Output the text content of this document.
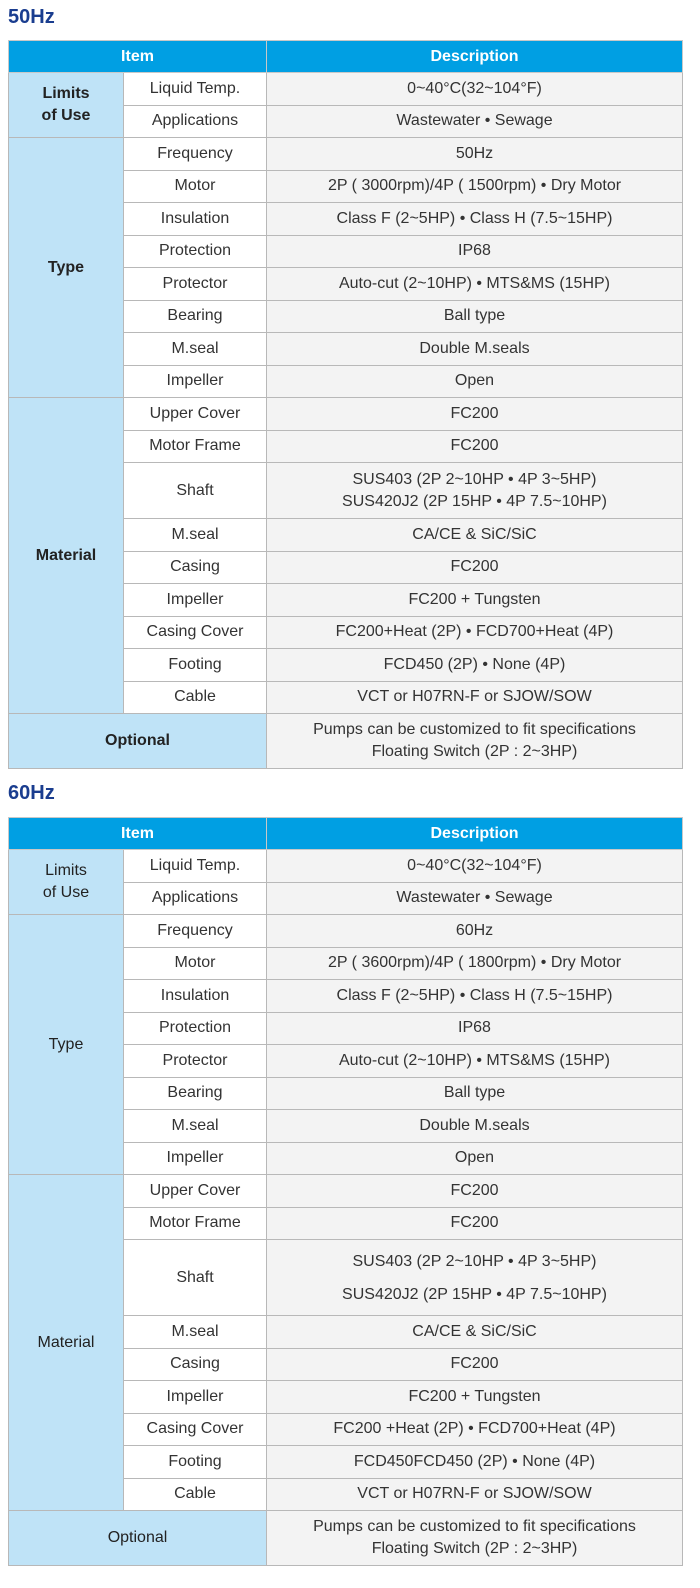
50Hz
Item		Description

Limits
of Use	Liquid Temp.	0~40°C(32~104°F)
	Applications	Wastewater • Sewage
Type	Frequency	50Hz
	Motor	2P ( 3000rpm)/4P ( 1500rpm) • Dry Motor
	Insulation	Class F (2~5HP) • Class H (7.5~15HP)
	Protection	IP68
	Protector	Auto-cut (2~10HP) • MTS&MS (15HP)
	Bearing	Ball type
	M.seal	Double M.seals
	Impeller	Open
Material	Upper Cover	FC200
	Motor Frame	FC200
	Shaft	SUS403 (2P 2~10HP • 4P 3~5HP)
SUS420J2 (2P 15HP • 4P 7.5~10HP)

	M.seal	CA/CE & SiC/SiC
	Casing	FC200
	Impeller	FC200 + Tungsten
	Casing Cover	FC200+Heat (2P) • FCD700+Heat (4P)
	Footing	FCD450 (2P) • None (4P)
	Cable	VCT or H07RN-F or SJOW/SOW
Optional		Pumps can be customized to fit specifications
Floating Switch (2P : 2~3HP)
60Hz
Item		Description

Limits
of Use	Liquid Temp.	0~40°C(32~104°F)
	Applications	Wastewater • Sewage
Type	Frequency	60Hz
	Motor	2P ( 3600rpm)/4P ( 1800rpm) • Dry Motor
	Insulation	Class F (2~5HP) • Class H (7.5~15HP)
	Protection	IP68
	Protector	Auto-cut (2~10HP) • MTS&MS (15HP)
	Bearing	Ball type
	M.seal	Double M.seals
	Impeller	Open
Material	Upper Cover	FC200
	Motor Frame	FC200
	Shaft	SUS403 (2P 2~10HP • 4P 3~5HP)
SUS420J2 (2P 15HP • 4P 7.5~10HP)

	M.seal	CA/CE & SiC/SiC
	Casing	FC200
	Impeller	FC200 + Tungsten
	Casing Cover	FC200 +Heat (2P) • FCD700+Heat (4P)
	Footing	FCD450FCD450 (2P) • None (4P)
	Cable	VCT or H07RN-F or SJOW/SOW
Optional		Pumps can be customized to fit specifications
Floating Switch (2P : 2~3HP)
